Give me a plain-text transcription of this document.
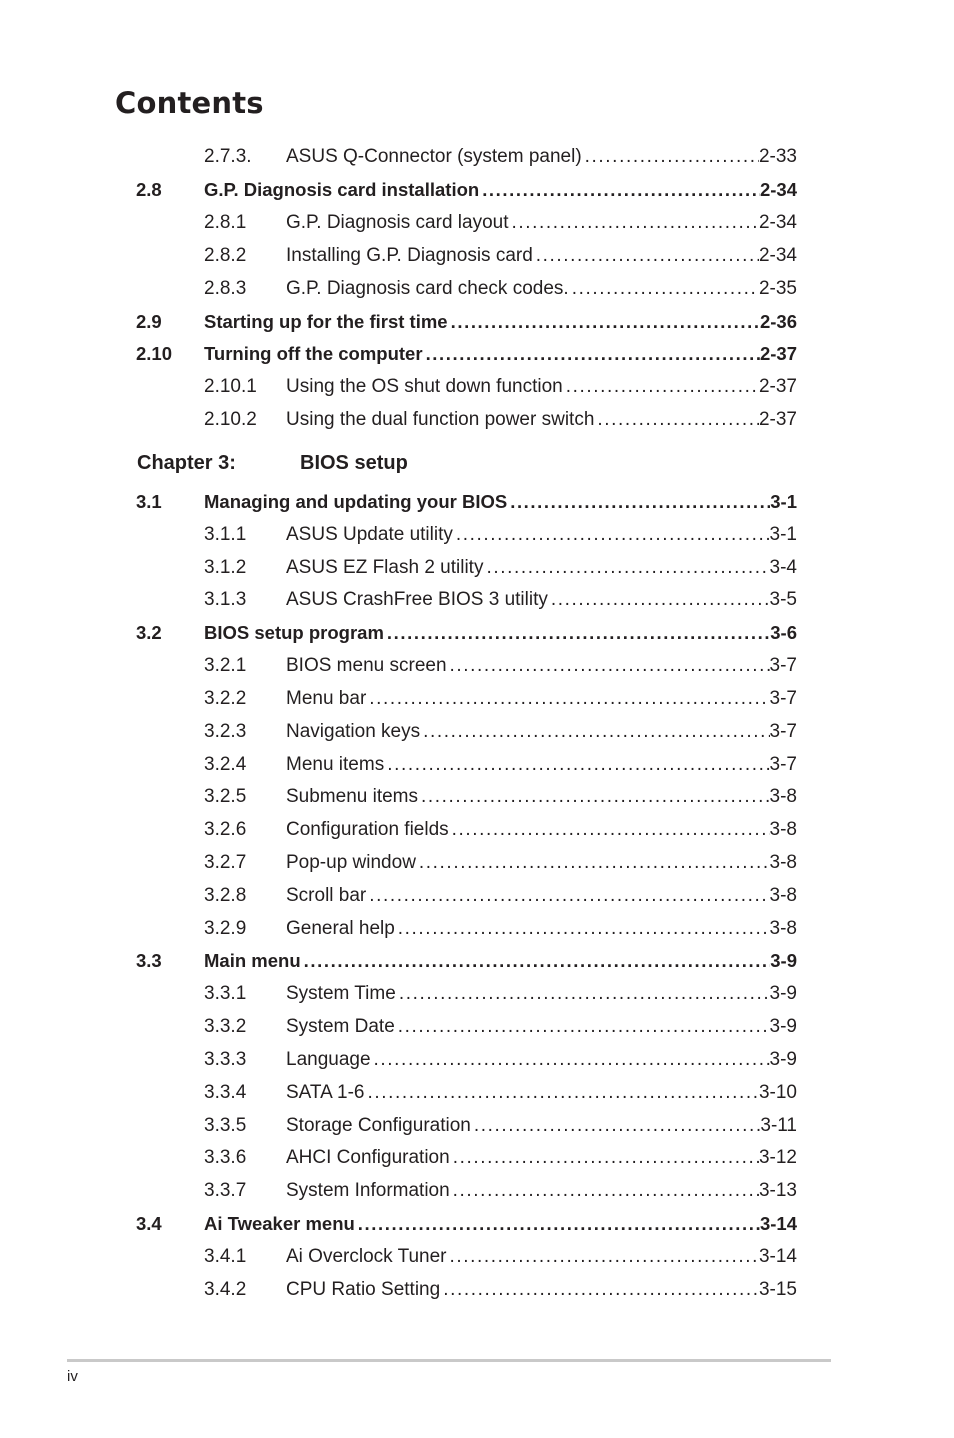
Contents
2.7.3. ASUS Q-Connector (system panel) .....	2-33
2.8 G.P. Diagnosis card installation .....	2-34
2.8.1 G.P. Diagnosis card layout .....	2-34
2.8.2 Installing G.P. Diagnosis card .....	2-34
2.8.3 G.P. Diagnosis card check codes. .....	2-35
2.9 Starting up for the first time .....	2-36
2.10 Turning off the computer .....	2-37
2.10.1 Using the OS shut down function .....	2-37
2.10.2 Using the dual function power switch .....	2-37
Chapter 3:	BIOS setup
3.1 Managing and updating your BIOS .....	3-1
3.1.1 ASUS Update utility .....	3-1
3.1.2 ASUS EZ Flash 2 utility .....	3-4
3.1.3 ASUS CrashFree BIOS 3 utility .....	3-5
3.2 BIOS setup program .....	3-6
3.2.1 BIOS menu screen .....	3-7
3.2.2 Menu bar .....	3-7
3.2.3 Navigation keys .....	3-7
3.2.4 Menu items .....	3-7
3.2.5 Submenu items .....	3-8
3.2.6 Configuration fields .....	3-8
3.2.7 Pop-up window .....	3-8
3.2.8 Scroll bar .....	3-8
3.2.9 General help .....	3-8
3.3 Main menu .....	3-9
3.3.1 System Time .....	3-9
3.3.2 System Date .....	3-9
3.3.3 Language .....	3-9
3.3.4 SATA 1-6 .....	3-10
3.3.5 Storage Configuration .....	3-11
3.3.6 AHCI Configuration .....	3-12
3.3.7 System Information .....	3-13
3.4 Ai Tweaker menu .....	3-14
3.4.1 Ai Overclock Tuner .....	3-14
3.4.2 CPU Ratio Setting .....	3-15
iv
